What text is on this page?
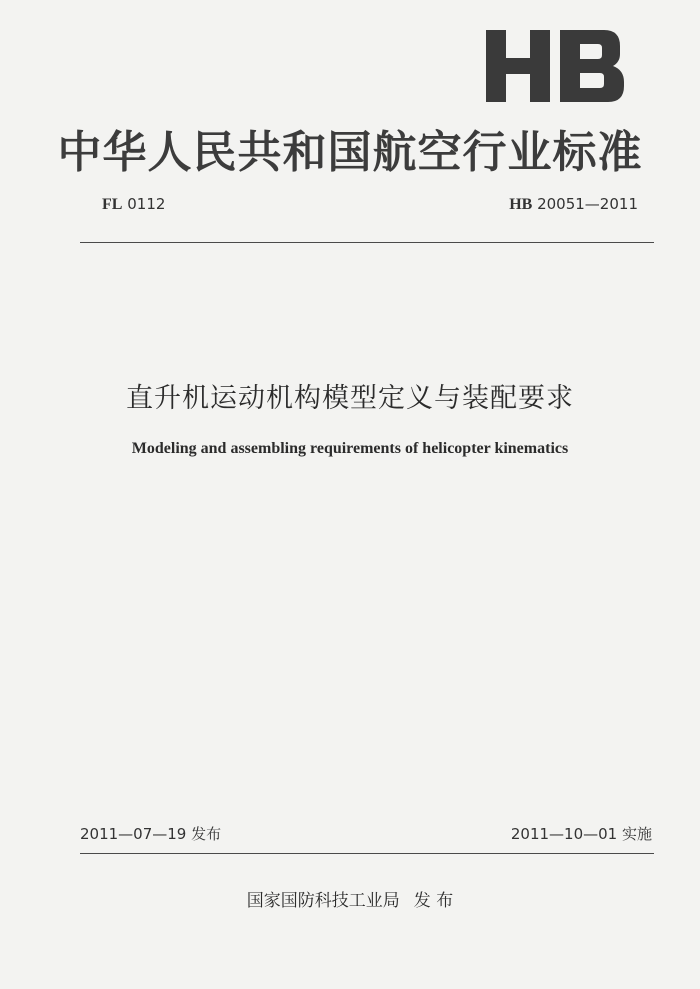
中华人民共和国航空行业标准
FL 0112	HB 20051—2011
直升机运动机构模型定义与装配要求
Modeling and assembling requirements of helicopter kinematics
2011—07—19 发布	2011—10—01 实施
国家国防科技工业局 发 布
